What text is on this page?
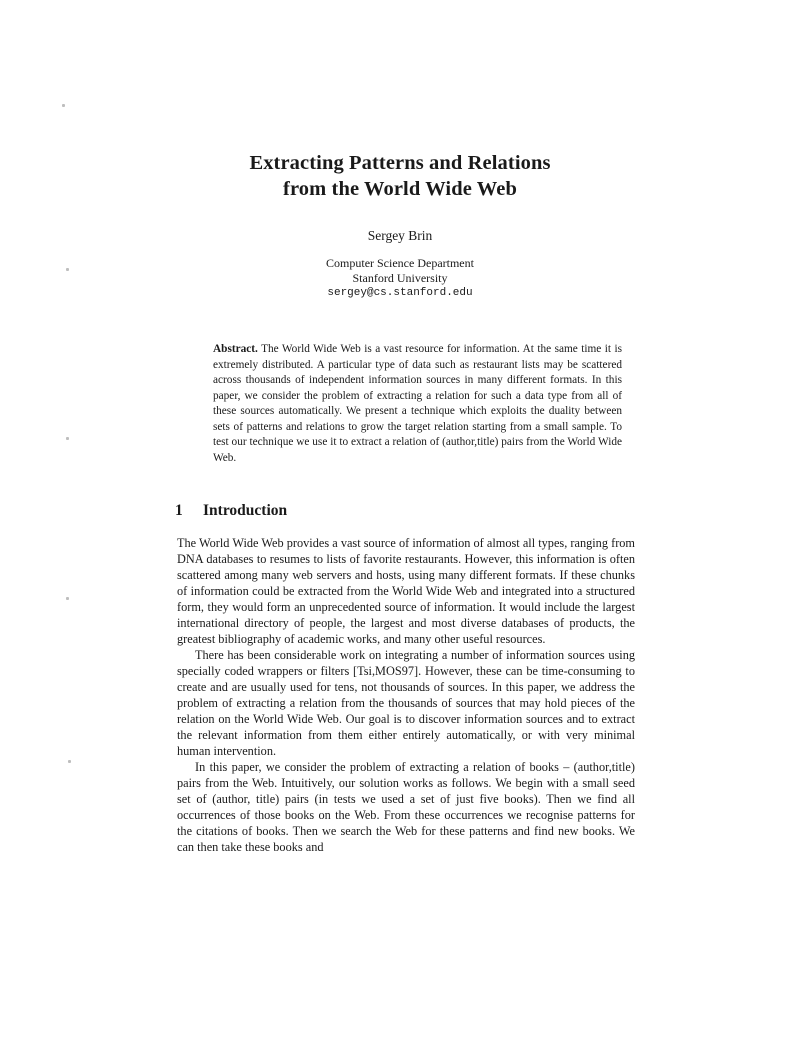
Extracting Patterns and Relations
from the World Wide Web
Sergey Brin
Computer Science Department
Stanford University
sergey@cs.stanford.edu
Abstract. The World Wide Web is a vast resource for information. At the same time it is extremely distributed. A particular type of data such as restaurant lists may be scattered across thousands of independent information sources in many different formats. In this paper, we consider the problem of extracting a relation for such a data type from all of these sources automatically. We present a technique which exploits the duality between sets of patterns and relations to grow the target relation starting from a small sample. To test our technique we use it to extract a relation of (author,title) pairs from the World Wide Web.
1 Introduction

The World Wide Web provides a vast source of information of almost all types, ranging from DNA databases to resumes to lists of favorite restaurants. However, this information is often scattered among many web servers and hosts, using many different formats. If these chunks of information could be extracted from the World Wide Web and integrated into a structured form, they would form an unprecedented source of information. It would include the largest international directory of people, the largest and most diverse databases of products, the greatest bibliography of academic works, and many other useful resources.

There has been considerable work on integrating a number of information sources using specially coded wrappers or filters [Tsi,MOS97]. However, these can be time-consuming to create and are usually used for tens, not thousands of sources. In this paper, we address the problem of extracting a relation from the thousands of sources that may hold pieces of the relation on the World Wide Web. Our goal is to discover information sources and to extract the relevant information from them either entirely automatically, or with very minimal human intervention.

In this paper, we consider the problem of extracting a relation of books – (author,title) pairs from the Web. Intuitively, our solution works as follows. We begin with a small seed set of (author, title) pairs (in tests we used a set of just five books). Then we find all occurrences of those books on the Web. From these occurrences we recognise patterns for the citations of books. Then we search the Web for these patterns and find new books. We can then take these books and
